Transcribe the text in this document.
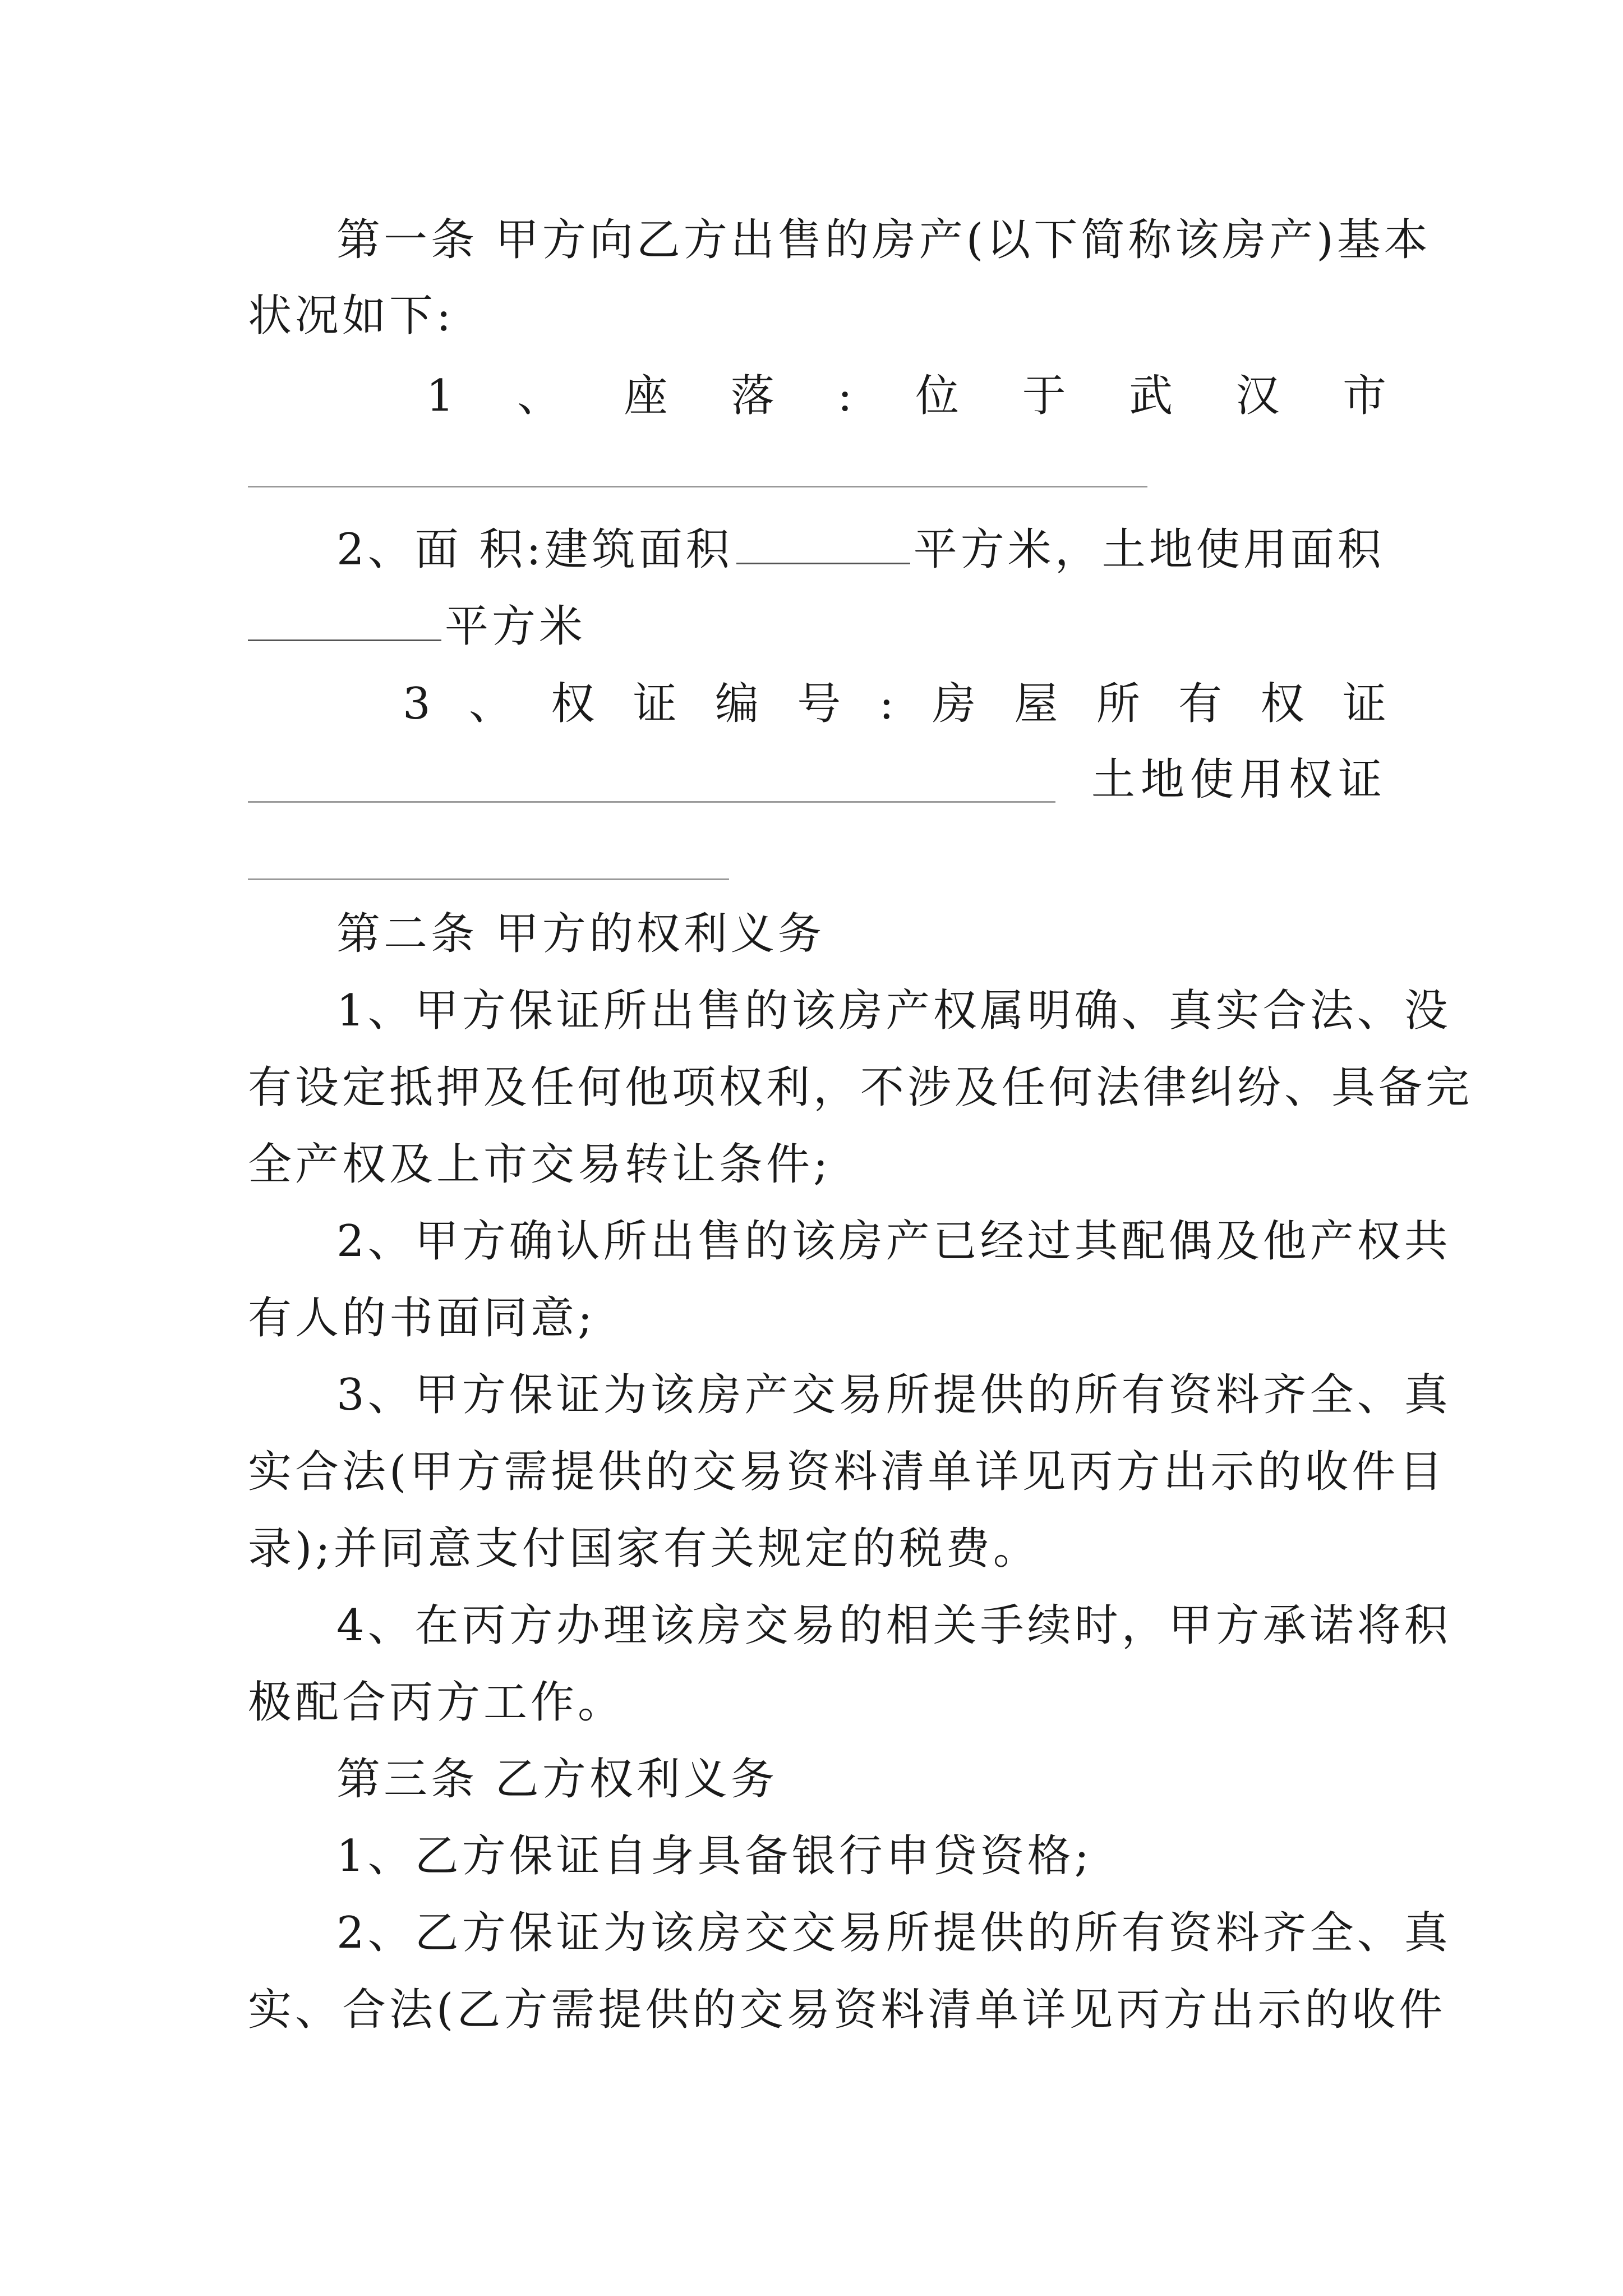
第一条 甲方向乙方出售的房产(以下简称该房产)基本
状况如下:
1 、 座 落 : 位 于 武 汉 市
2、面 积:建筑面积	平方米，土地使用面积
平方米
3 、 权 证 编 号 : 房 屋 所 有 权 证
土地使用权证
第二条 甲方的权利义务
1、甲方保证所出售的该房产权属明确、真实合法、没
有设定抵押及任何他项权利，不涉及任何法律纠纷、具备完
全产权及上市交易转让条件;
2、甲方确认所出售的该房产已经过其配偶及他产权共
有人的书面同意;
3、甲方保证为该房产交易所提供的所有资料齐全、真
实合法(甲方需提供的交易资料清单详见丙方出示的收件目
录);并同意支付国家有关规定的税费。
4、在丙方办理该房交易的相关手续时，甲方承诺将积
极配合丙方工作。
第三条 乙方权利义务
1、乙方保证自身具备银行申贷资格;
2、乙方保证为该房交交易所提供的所有资料齐全、真
实、合法(乙方需提供的交易资料清单详见丙方出示的收件
